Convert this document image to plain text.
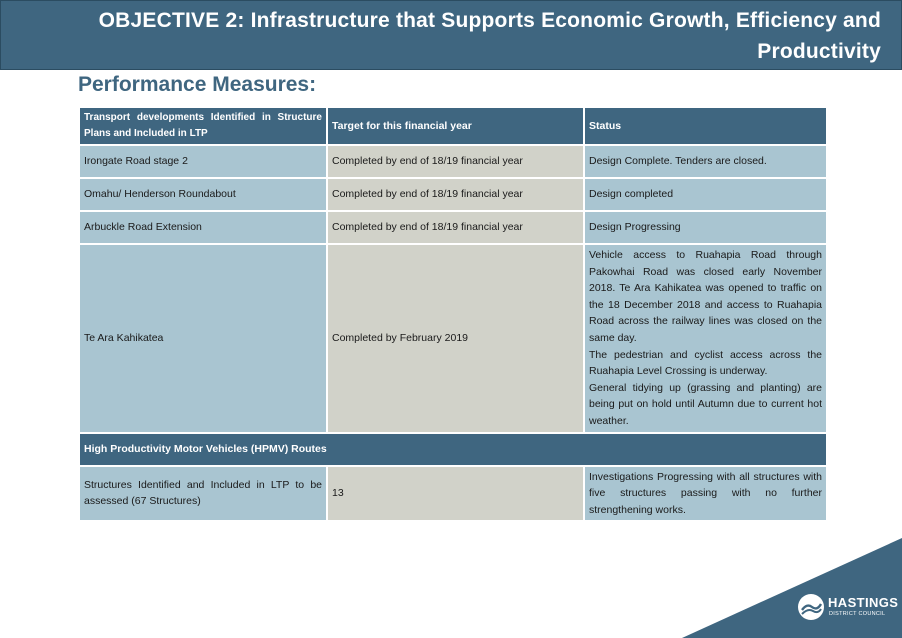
OBJECTIVE 2: Infrastructure that Supports Economic Growth, Efficiency and Productivity
Performance Measures:
Transport developments Identified in Structure Plans and Included in LTP	Target for this financial year	Status
Irongate Road stage 2	Completed by end of 18/19 financial year	Design Complete. Tenders are closed.
Omahu/ Henderson Roundabout	Completed by end of 18/19 financial year	Design completed
Arbuckle Road Extension	Completed by end of 18/19 financial year	Design Progressing
Te Ara Kahikatea	Completed by February 2019	Vehicle access to Ruahapia Road through Pakowhai Road was closed early November 2018. Te Ara Kahikatea was opened to traffic on the 18 December 2018 and access to Ruahapia Road across the railway lines was closed on the same day.

The pedestrian and cyclist access across the Ruahapia Level Crossing is underway.

General tidying up (grassing and planting) are being put on hold until Autumn due to current hot weather.

High Productivity Motor Vehicles (HPMV) Routes		
Structures Identified and Included in LTP to be assessed (67 Structures)	13	Investigations Progressing with all structures with five structures passing with no further strengthening works.
HASTINGS
DISTRICT COUNCIL
